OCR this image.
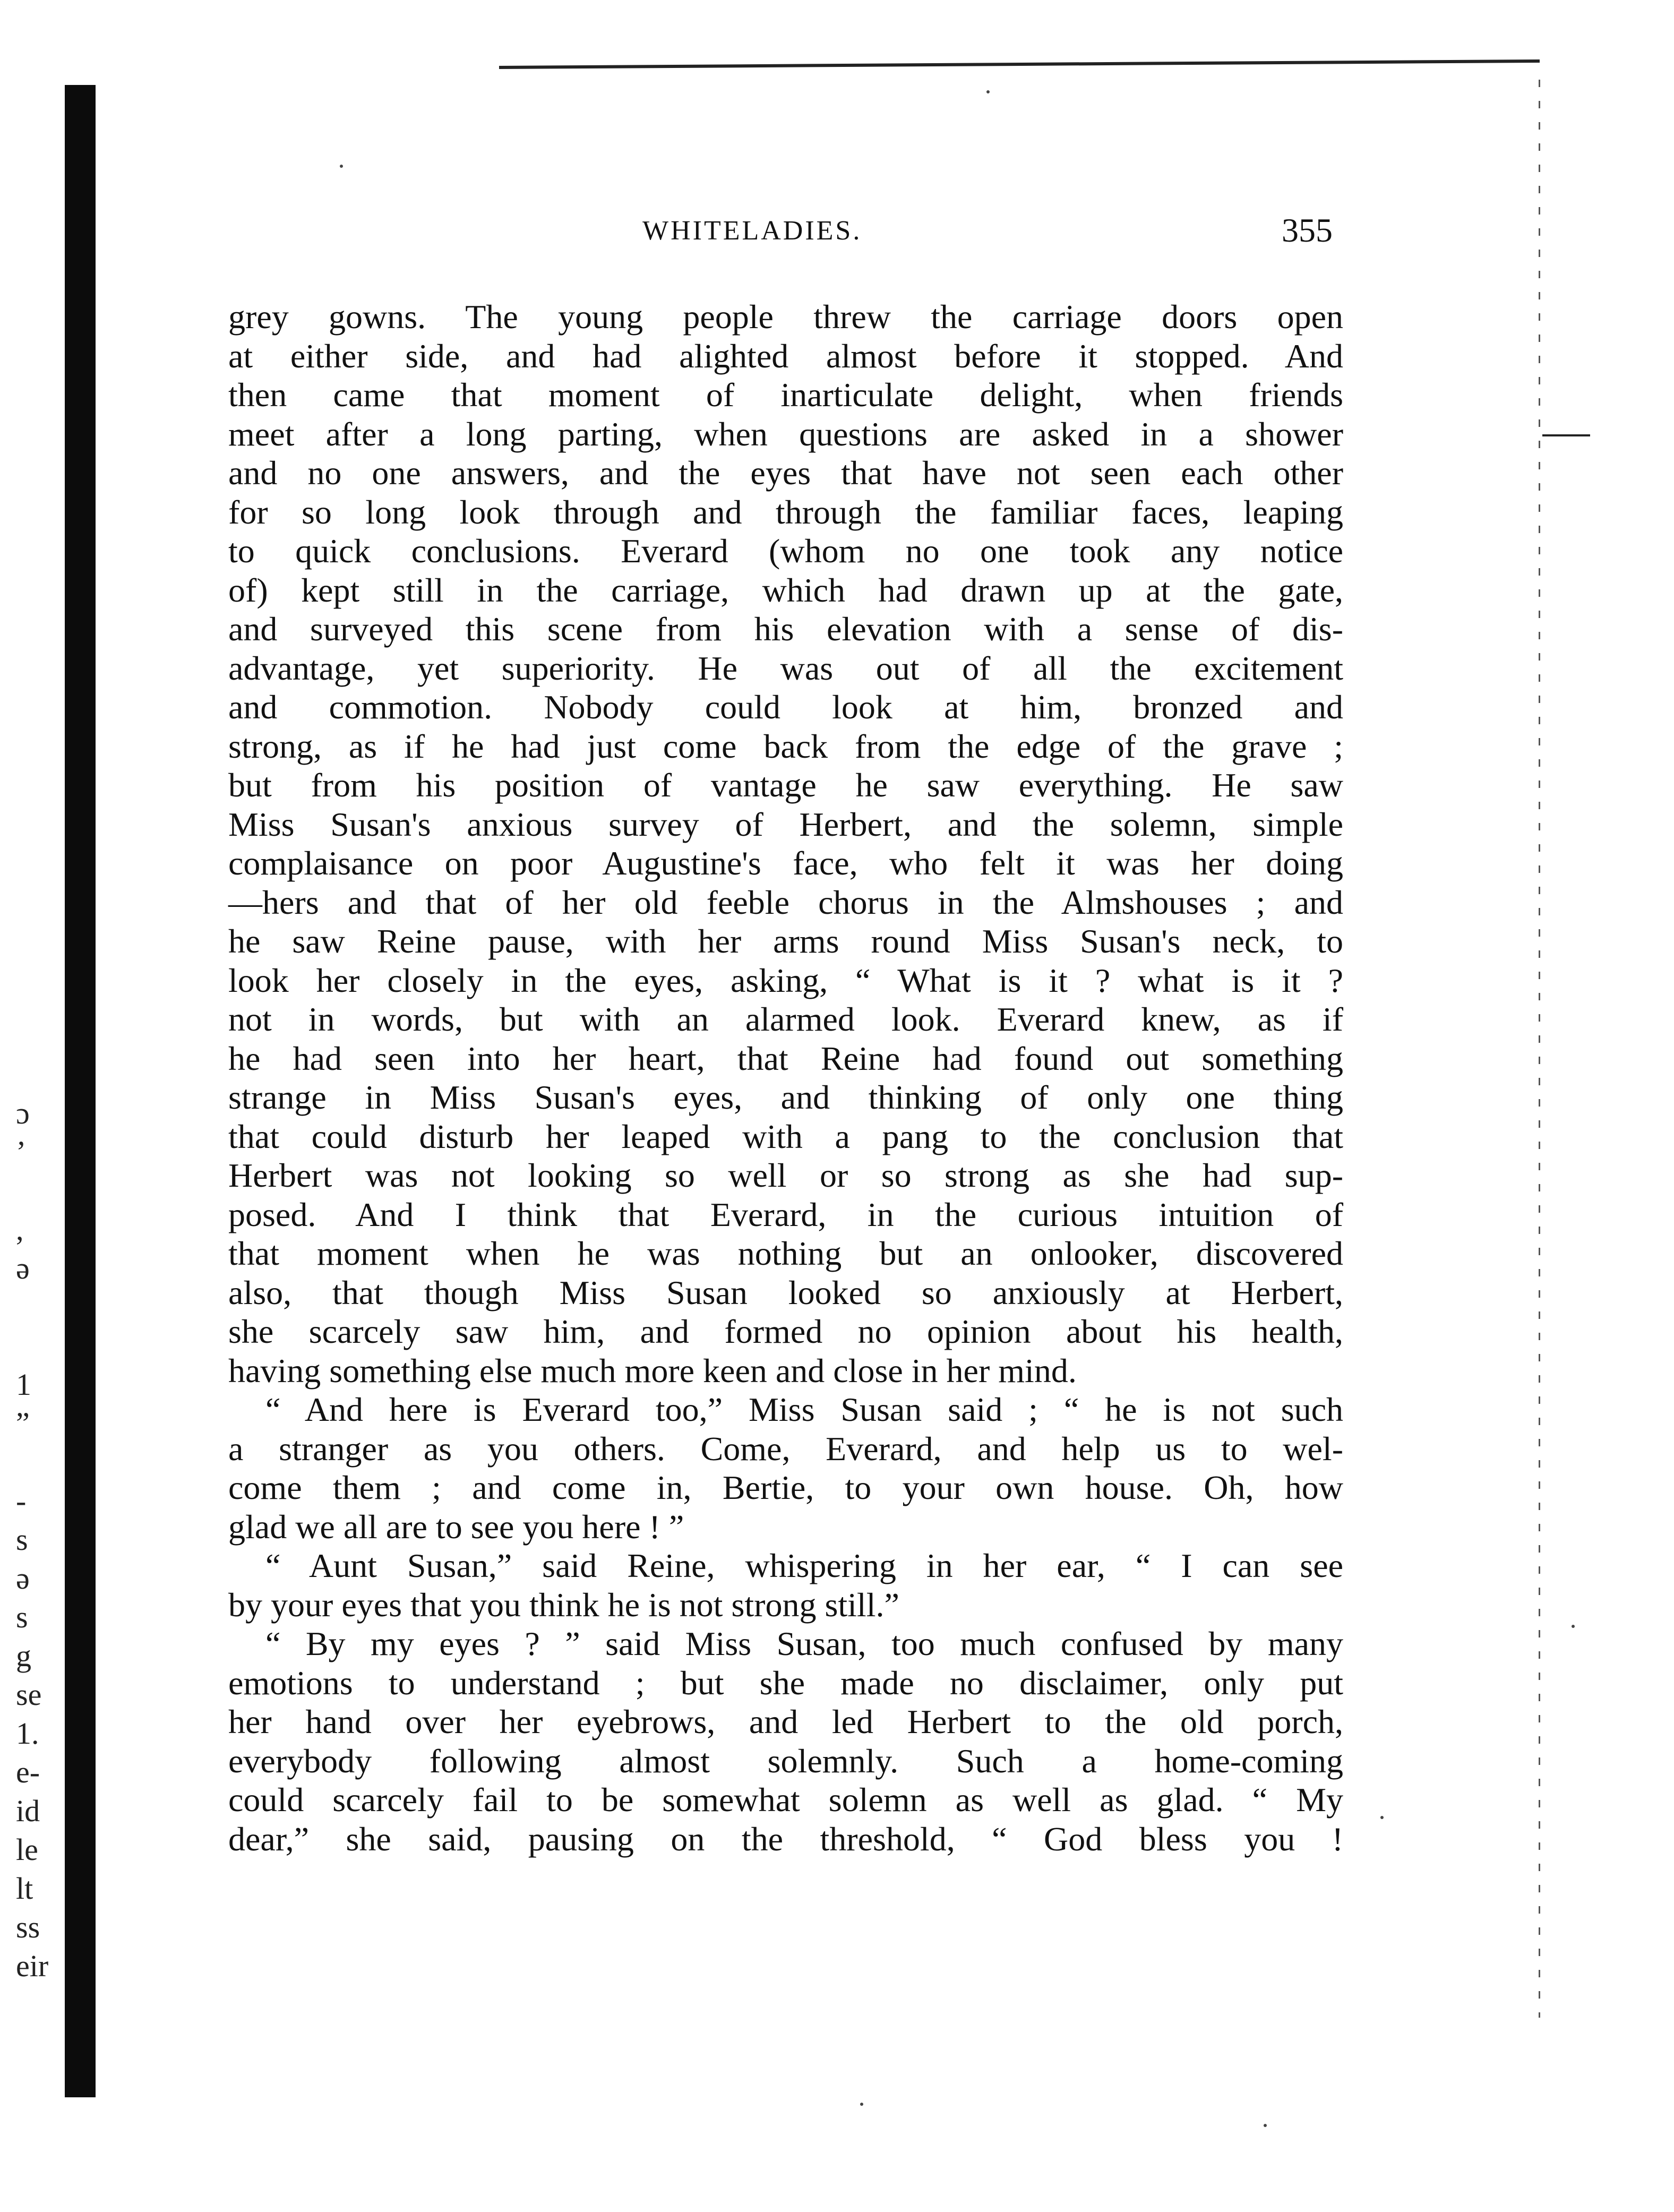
WHITELADIES.	355
grey gowns. The young people threw the carriage doors open
at either side, and had alighted almost before it stopped. And
then came that moment of inarticulate delight, when friends
meet after a long parting, when questions are asked in a shower
and no one answers, and the eyes that have not seen each other
for so long look through and through the familiar faces, leaping
to quick conclusions. Everard (whom no one took any notice
of) kept still in the carriage, which had drawn up at the gate,
and surveyed this scene from his elevation with a sense of dis-
advantage, yet superiority. He was out of all the excitement
and commotion. Nobody could look at him, bronzed and
strong, as if he had just come back from the edge of the grave ;
but from his position of vantage he saw everything. He saw
Miss Susan's anxious survey of Herbert, and the solemn, simple
complaisance on poor Augustine's face, who felt it was her doing
—hers and that of her old feeble chorus in the Almshouses ; and
he saw Reine pause, with her arms round Miss Susan's neck, to
look her closely in the eyes, asking, “ What is it ? what is it ?
not in words, but with an alarmed look. Everard knew, as if
he had seen into her heart, that Reine had found out something
strange in Miss Susan's eyes, and thinking of only one thing
that could disturb her leaped with a pang to the conclusion that
Herbert was not looking so well or so strong as she had sup-
posed. And I think that Everard, in the curious intuition of
that moment when he was nothing but an onlooker, discovered
also, that though Miss Susan looked so anxiously at Herbert,
she scarcely saw him, and formed no opinion about his health,
having something else much more keen and close in her mind.
“ And here is Everard too,” Miss Susan said ; “ he is not such
a stranger as you others. Come, Everard, and help us to wel-
come them ; and come in, Bertie, to your own house. Oh, how
glad we all are to see you here ! ”
“ Aunt Susan,” said Reine, whispering in her ear, “ I can see
by your eyes that you think he is not strong still.”
“ By my eyes ? ” said Miss Susan, too much confused by many
emotions to understand ; but she made no disclaimer, only put
her hand over her eyebrows, and led Herbert to the old porch,
everybody following almost solemnly. Such a home-coming
could scarcely fail to be somewhat solemn as well as glad. “ My
dear,” she said, pausing on the threshold, “ God bless you !
ɔ
’
,
ə
1
”
-
s
ə
s
g
se
1.
e-
id
le
lt
ss
eir
